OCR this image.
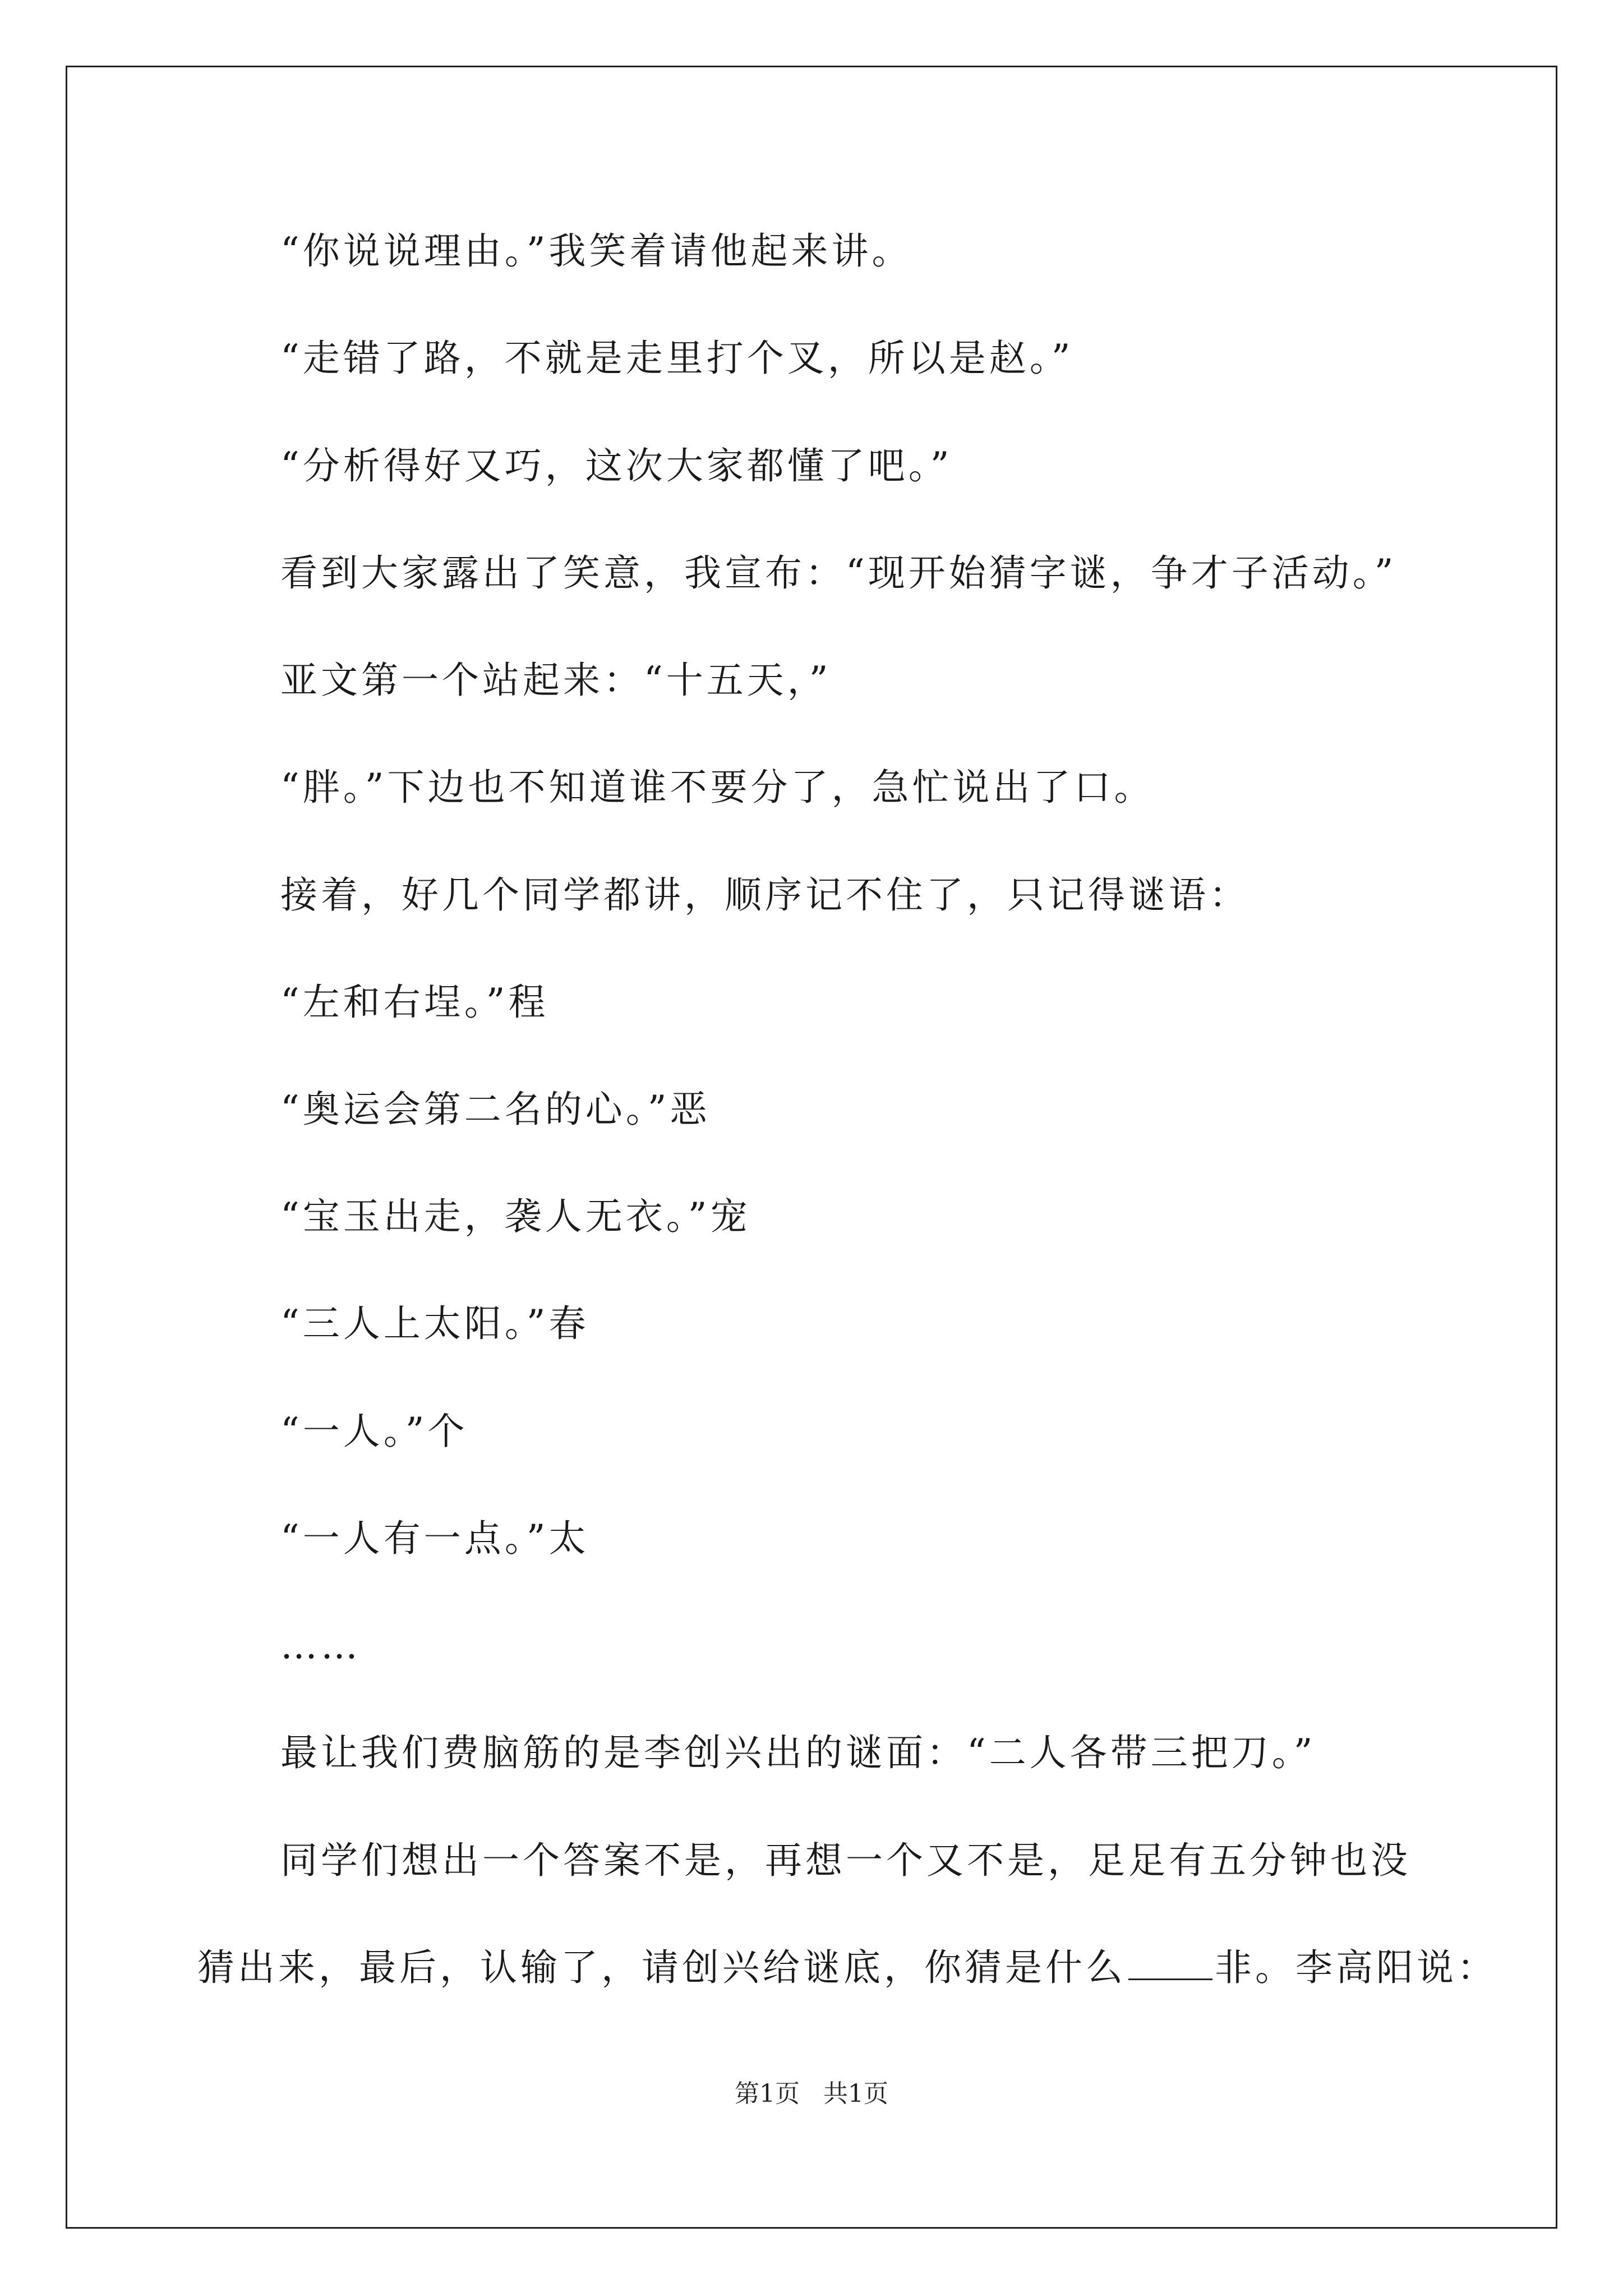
“你说说理由。”我笑着请他起来讲。
“走错了路，不就是走里打个叉，所以是赵。”
“分析得好又巧，这次大家都懂了吧。”
看到大家露出了笑意，我宣布：“现开始猜字谜，争才子活动。”
亚文第一个站起来：“十五天，”
“胖。”下边也不知道谁不要分了，急忙说出了口。
接着，好几个同学都讲，顺序记不住了，只记得谜语：
“左和右埕。”程
“奥运会第二名的心。”恶
“宝玉出走，袭人无衣。”宠
“三人上太阳。”春
“一人。”个
“一人有一点。”太
……
最让我们费脑筋的是李创兴出的谜面：“二人各带三把刀。”
同学们想出一个答案不是，再想一个又不是，足足有五分钟也没
猜出来，最后，认输了，请创兴给谜底，你猜是什么 非。李高阳说：
第1页 共1页
